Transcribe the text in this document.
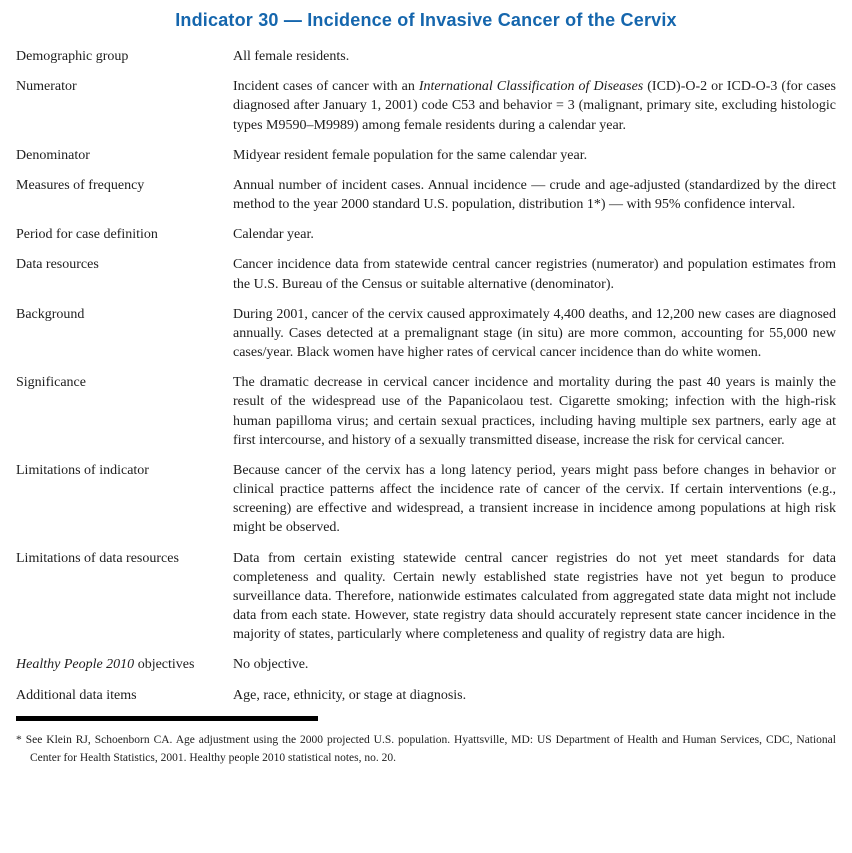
Indicator 30 — Incidence of Invasive Cancer of the Cervix
Demographic group	All female residents.
Numerator	Incident cases of cancer with an International Classification of Diseases (ICD)-O-2 or ICD-O-3 (for cases diagnosed after January 1, 2001) code C53 and behavior = 3 (malignant, primary site, excluding histologic types M9590–M9989) among female residents during a calendar year.
Denominator	Midyear resident female population for the same calendar year.
Measures of frequency	Annual number of incident cases. Annual incidence — crude and age-adjusted (standardized by the direct method to the year 2000 standard U.S. population, distribution 1*) — with 95% confidence interval.
Period for case definition	Calendar year.
Data resources	Cancer incidence data from statewide central cancer registries (numerator) and population estimates from the U.S. Bureau of the Census or suitable alternative (denominator).
Background	During 2001, cancer of the cervix caused approximately 4,400 deaths, and 12,200 new cases are diagnosed annually. Cases detected at a premalignant stage (in situ) are more common, accounting for 55,000 new cases/year. Black women have higher rates of cervical cancer incidence than do white women.
Significance	The dramatic decrease in cervical cancer incidence and mortality during the past 40 years is mainly the result of the widespread use of the Papanicolaou test. Cigarette smoking; infection with the high-risk human papilloma virus; and certain sexual practices, including having multiple sex partners, early age at first intercourse, and history of a sexually transmitted disease, increase the risk for cervical cancer.
Limitations of indicator	Because cancer of the cervix has a long latency period, years might pass before changes in behavior or clinical practice patterns affect the incidence rate of cancer of the cervix. If certain interventions (e.g., screening) are effective and widespread, a transient increase in incidence among populations at high risk might be observed.
Limitations of data resources	Data from certain existing statewide central cancer registries do not yet meet standards for data completeness and quality. Certain newly established state registries have not yet begun to produce surveillance data. Therefore, nationwide estimates calculated from aggregated state data might not include data from each state. However, state registry data should accurately represent state cancer incidence in the majority of states, particularly where completeness and quality of registry data are high.
Healthy People 2010 objectives	No objective.
Additional data items	Age, race, ethnicity, or stage at diagnosis.

* See Klein RJ, Schoenborn CA. Age adjustment using the 2000 projected U.S. population. Hyattsville, MD: US Department of Health and Human Services, CDC, National Center for Health Statistics, 2001. Healthy people 2010 statistical notes, no. 20.
